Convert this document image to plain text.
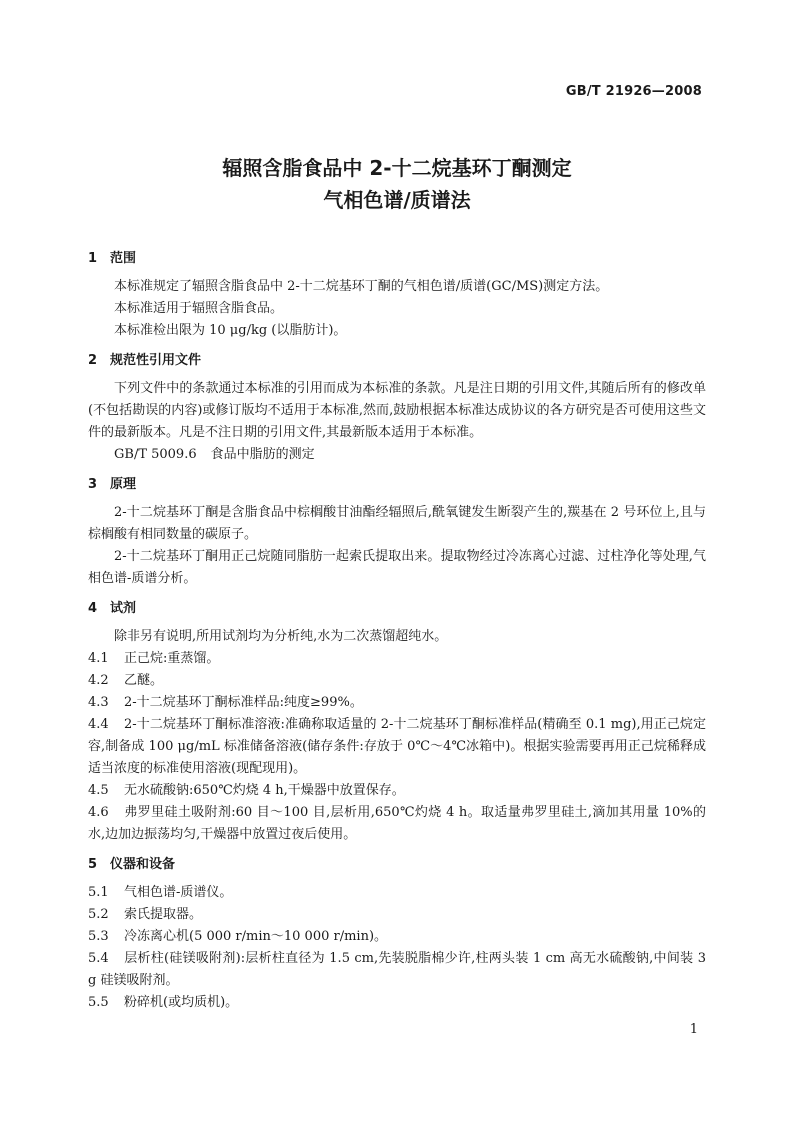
GB/T 21926—2008
辐照含脂食品中 2-十二烷基环丁酮测定
气相色谱/质谱法
1 范围

本标准规定了辐照含脂食品中 2-十二烷基环丁酮的气相色谱/质谱(GC/MS)测定方法。

本标准适用于辐照含脂食品。

本标准检出限为 10 μg/kg (以脂肪计)。

2 规范性引用文件

下列文件中的条款通过本标准的引用而成为本标准的条款。凡是注日期的引用文件,其随后所有的修改单(不包括勘误的内容)或修订版均不适用于本标准,然而,鼓励根据本标准达成协议的各方研究是否可使用这些文件的最新版本。凡是不注日期的引用文件,其最新版本适用于本标准。

GB/T 5009.6 食品中脂肪的测定

3 原理

2-十二烷基环丁酮是含脂食品中棕榈酸甘油酯经辐照后,酰氧键发生断裂产生的,羰基在 2 号环位上,且与棕榈酸有相同数量的碳原子。

2-十二烷基环丁酮用正己烷随同脂肪一起索氏提取出来。提取物经过冷冻离心过滤、过柱净化等处理,气相色谱-质谱分析。

4 试剂

除非另有说明,所用试剂均为分析纯,水为二次蒸馏超纯水。

4.1 正己烷:重蒸馏。

4.2 乙醚。

4.3 2-十二烷基环丁酮标准样品:纯度≥99%。

4.4 2-十二烷基环丁酮标准溶液:准确称取适量的 2-十二烷基环丁酮标准样品(精确至 0.1 mg),用正己烷定容,制备成 100 μg/mL 标准储备溶液(储存条件:存放于 0℃～4℃冰箱中)。根据实验需要再用正己烷稀释成适当浓度的标准使用溶液(现配现用)。

4.5 无水硫酸钠:650℃灼烧 4 h,干燥器中放置保存。

4.6 弗罗里硅土吸附剂:60 目～100 目,层析用,650℃灼烧 4 h。取适量弗罗里硅土,滴加其用量 10%的水,边加边振荡均匀,干燥器中放置过夜后使用。

5 仪器和设备

5.1 气相色谱-质谱仪。

5.2 索氏提取器。

5.3 冷冻离心机(5 000 r/min～10 000 r/min)。

5.4 层析柱(硅镁吸附剂):层析柱直径为 1.5 cm,先装脱脂棉少许,柱两头装 1 cm 高无水硫酸钠,中间装 3 g 硅镁吸附剂。

5.5 粉碎机(或均质机)。

1
